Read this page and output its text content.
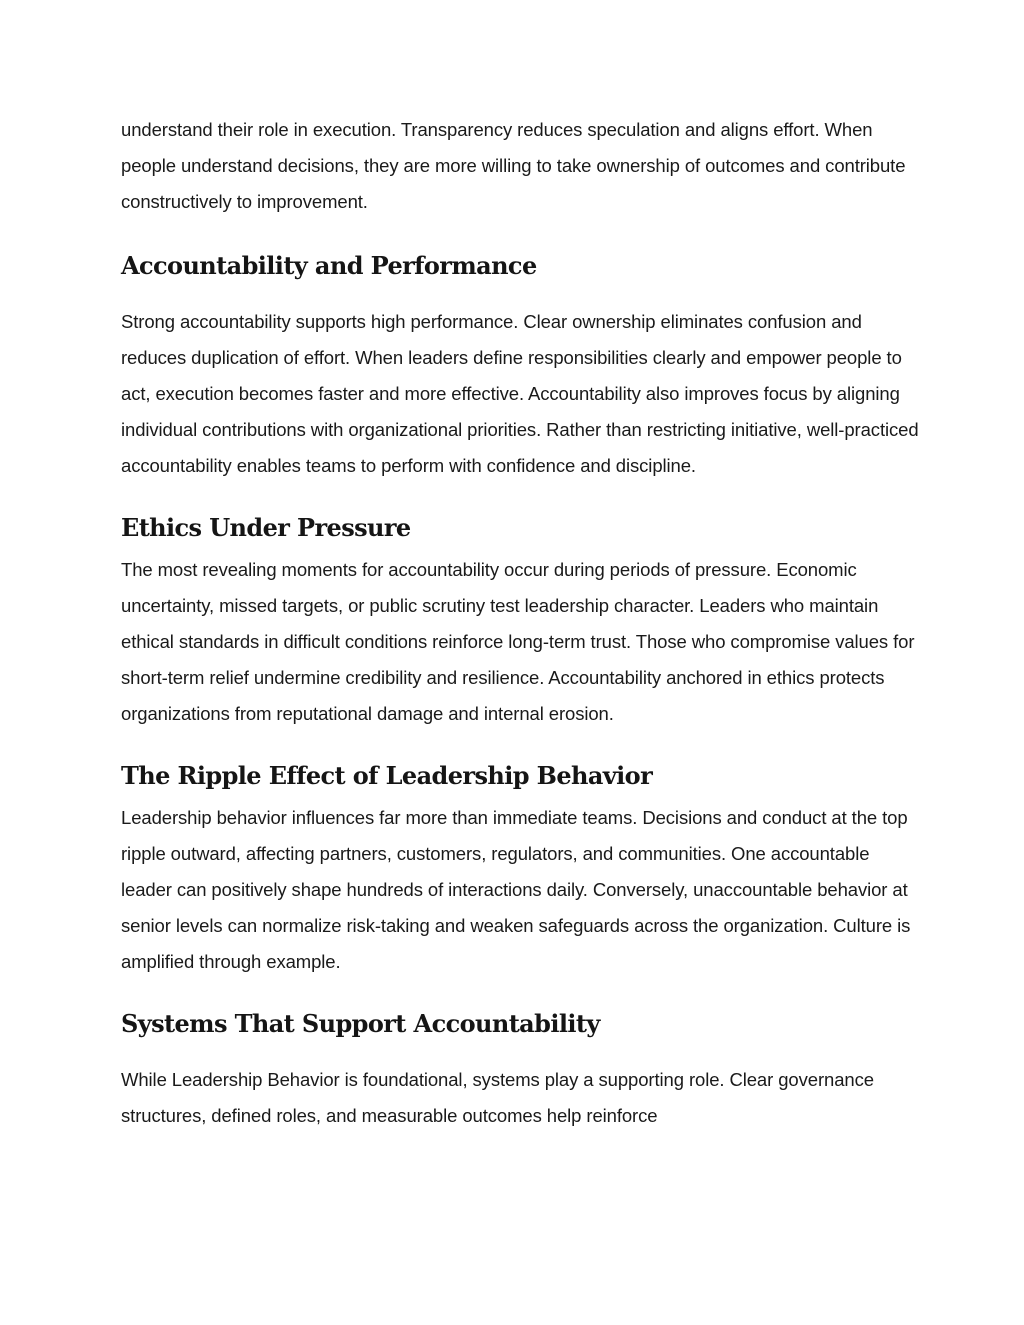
understand their role in execution. Transparency reduces speculation and aligns effort. When people understand decisions, they are more willing to take ownership of outcomes and contribute constructively to improvement.

Accountability and Performance

Strong accountability supports high performance. Clear ownership eliminates confusion and reduces duplication of effort. When leaders define responsibilities clearly and empower people to act, execution becomes faster and more effective. Accountability also improves focus by aligning individual contributions with organizational priorities. Rather than restricting initiative, well-practiced accountability enables teams to perform with confidence and discipline.

Ethics Under Pressure

The most revealing moments for accountability occur during periods of pressure. Economic uncertainty, missed targets, or public scrutiny test leadership character. Leaders who maintain ethical standards in difficult conditions reinforce long-term trust. Those who compromise values for short-term relief undermine credibility and resilience. Accountability anchored in ethics protects organizations from reputational damage and internal erosion.

The Ripple Effect of Leadership Behavior

Leadership behavior influences far more than immediate teams. Decisions and conduct at the top ripple outward, affecting partners, customers, regulators, and communities. One accountable leader can positively shape hundreds of interactions daily. Conversely, unaccountable behavior at senior levels can normalize risk-taking and weaken safeguards across the organization. Culture is amplified through example.

Systems That Support Accountability

While Leadership Behavior is foundational, systems play a supporting role. Clear governance structures, defined roles, and measurable outcomes help reinforce
